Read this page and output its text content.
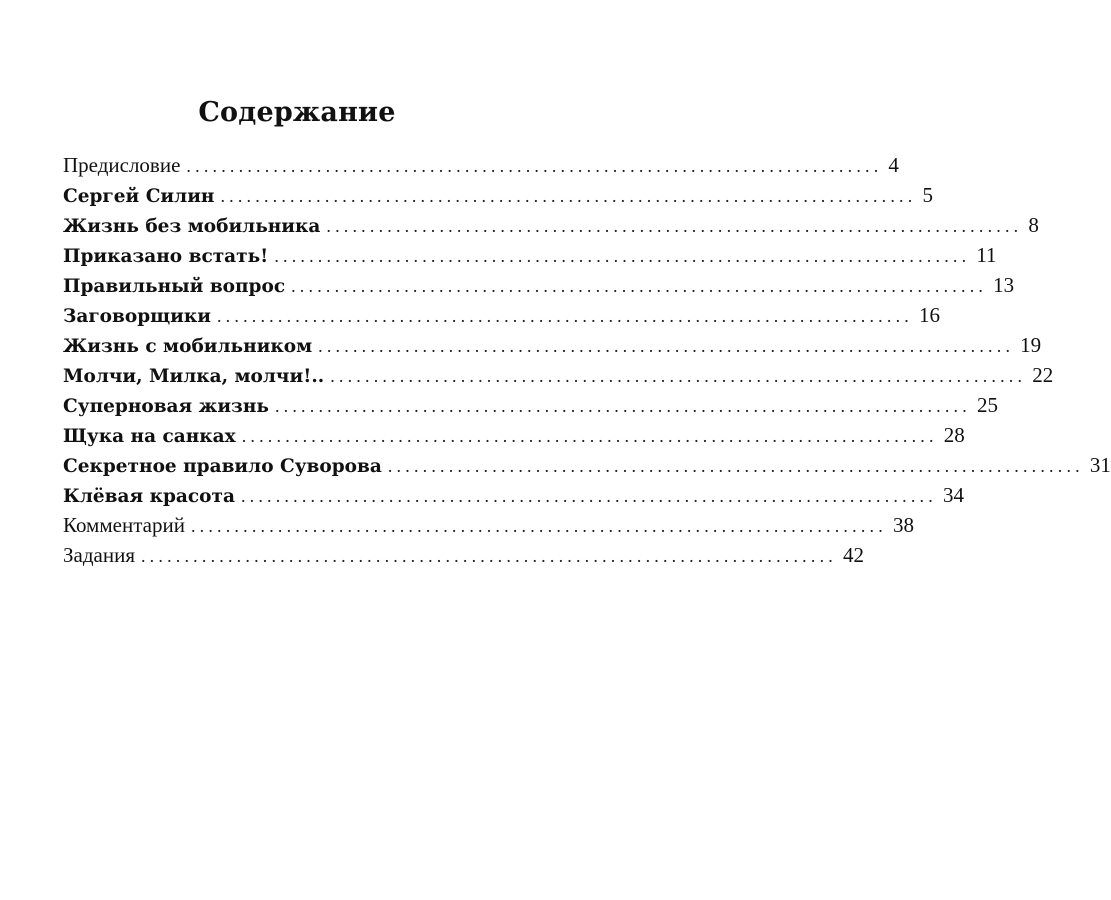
Содержание
Предисловие ................................................................................ 4
Сергей Силин ................................................................................ 5
Жизнь без мобильника ................................................................................ 8
Приказано встать! ................................................................................ 11
Правильный вопрос ................................................................................ 13
Заговорщики ................................................................................ 16
Жизнь с мобильником ................................................................................ 19
Молчи, Милка, молчи!.. ................................................................................ 22
Суперновая жизнь ................................................................................ 25
Щука на санках ................................................................................ 28
Секретное правило Суворова ................................................................................ 31
Клёвая красота ................................................................................ 34
Комментарий ................................................................................ 38
Задания ................................................................................ 42
